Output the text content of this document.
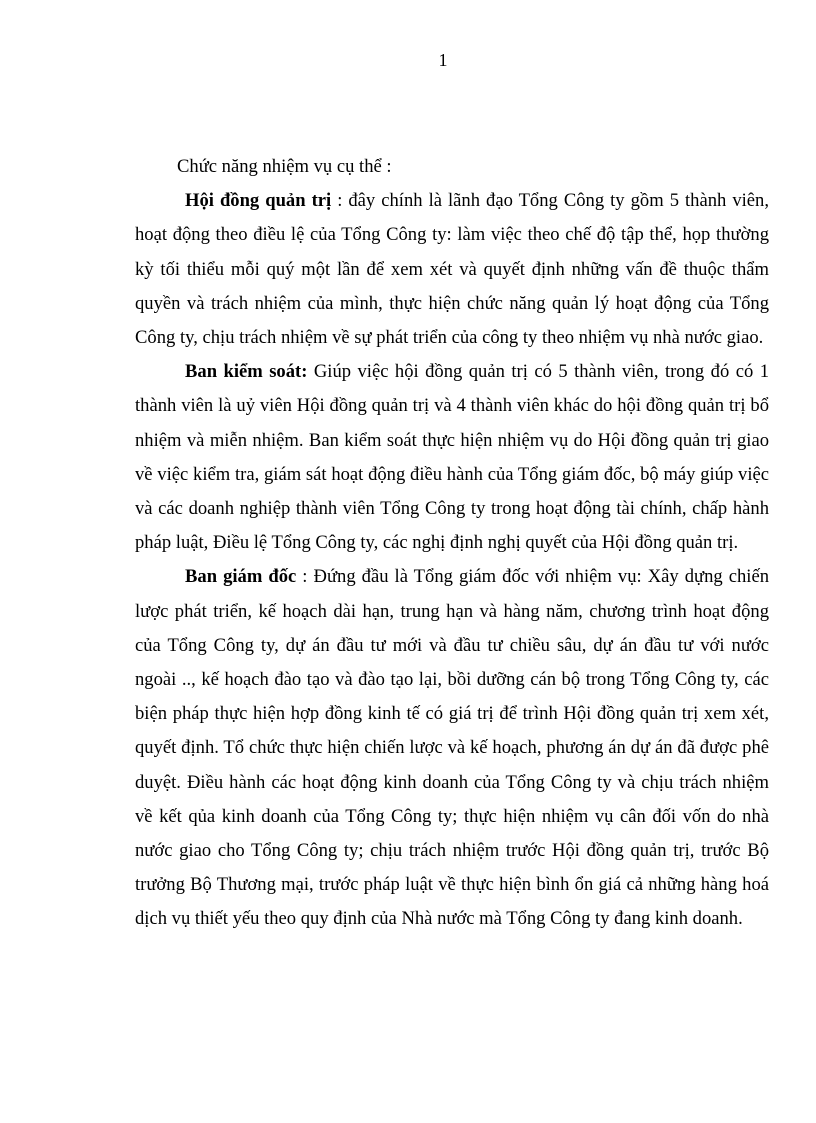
1

Chức năng nhiệm vụ cụ thể :

Hội đồng quản trị : đây chính là lãnh đạo Tổng Công ty gồm 5 thành viên, hoạt động theo điều lệ của Tổng Công ty: làm việc theo chế độ tập thể, họp thường kỳ tối thiểu mỗi quý một lần để xem xét và quyết định những vấn đề thuộc thẩm quyền và trách nhiệm của mình, thực hiện chức năng quản lý hoạt động của Tổng Công ty, chịu trách nhiệm về sự phát triển của công ty theo nhiệm vụ nhà nước giao.

Ban kiểm soát: Giúp việc hội đồng quản trị có 5 thành viên, trong đó có 1 thành viên là uỷ viên Hội đồng quản trị và 4 thành viên khác do hội đồng quản trị bổ nhiệm và miễn nhiệm. Ban kiểm soát thực hiện nhiệm vụ do Hội đồng quản trị giao về việc kiểm tra, giám sát hoạt động điều hành của Tổng giám đốc, bộ máy giúp việc và các doanh nghiệp thành viên Tổng Công ty trong hoạt động tài chính, chấp hành pháp luật, Điều lệ Tổng Công ty, các nghị định nghị quyết của Hội đồng quản trị.

Ban giám đốc : Đứng đầu là Tổng giám đốc với nhiệm vụ: Xây dựng chiến lược phát triển, kế hoạch dài hạn, trung hạn và hàng năm, chương trình hoạt động của Tổng Công ty, dự án đầu tư mới và đầu tư chiều sâu, dự án đầu tư với nước ngoài .., kế hoạch đào tạo và đào tạo lại, bồi dưỡng cán bộ trong Tổng Công ty, các biện pháp thực hiện hợp đồng kinh tế có giá trị để trình Hội đồng quản trị xem xét, quyết định. Tổ chức thực hiện chiến lược và kế hoạch, phương án dự án đã được phê duyệt. Điều hành các hoạt động kinh doanh của Tổng Công ty và chịu trách nhiệm về kết qủa kinh doanh của Tổng Công ty; thực hiện nhiệm vụ cân đối vốn do nhà nước giao cho Tổng Công ty; chịu trách nhiệm trước Hội đồng quản trị, trước Bộ trưởng Bộ Thương mại, trước pháp luật về thực hiện bình ổn giá cả những hàng hoá dịch vụ thiết yếu theo quy định của Nhà nước mà Tổng Công ty đang kinh doanh.
